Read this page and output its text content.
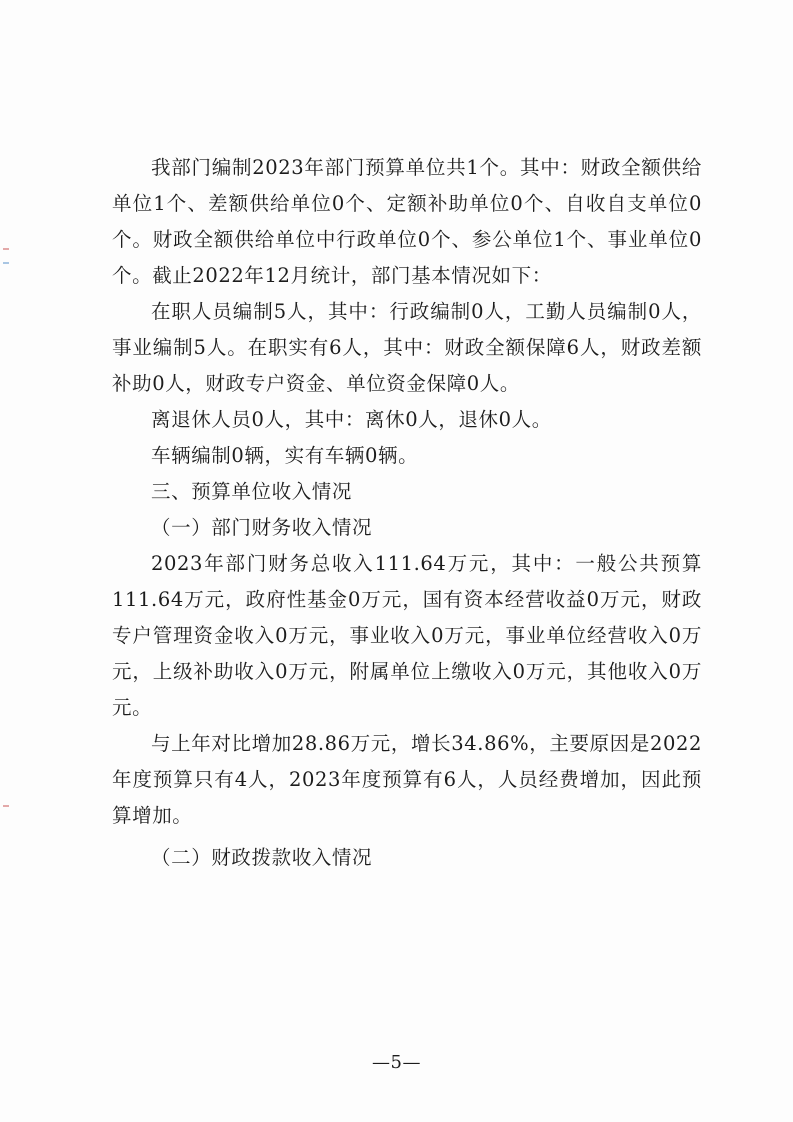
我部门编制2023年部门预算单位共1个。其中：财政全额供给单位1个、差额供给单位0个、定额补助单位0个、自收自支单位0个。财政全额供给单位中行政单位0个、参公单位1个、事业单位0个。截止2022年12月统计，部门基本情况如下：

在职人员编制5人，其中：行政编制0人，工勤人员编制0人，事业编制5人。在职实有6人，其中：财政全额保障6人，财政差额补助0人，财政专户资金、单位资金保障0人。

离退休人员0人，其中：离休0人，退休0人。

车辆编制0辆，实有车辆0辆。

三、预算单位收入情况
（一）部门财务收入情况

2023年部门财务总收入111.64万元，其中：一般公共预算111.64万元，政府性基金0万元，国有资本经营收益0万元，财政专户管理资金收入0万元，事业收入0万元，事业单位经营收入0万元，上级补助收入0万元，附属单位上缴收入0万元，其他收入0万元。

与上年对比增加28.86万元，增长34.86%，主要原因是2022年度预算只有4人，2023年度预算有6人，人员经费增加，因此预算增加。

（二）财政拨款收入情况
—5—
